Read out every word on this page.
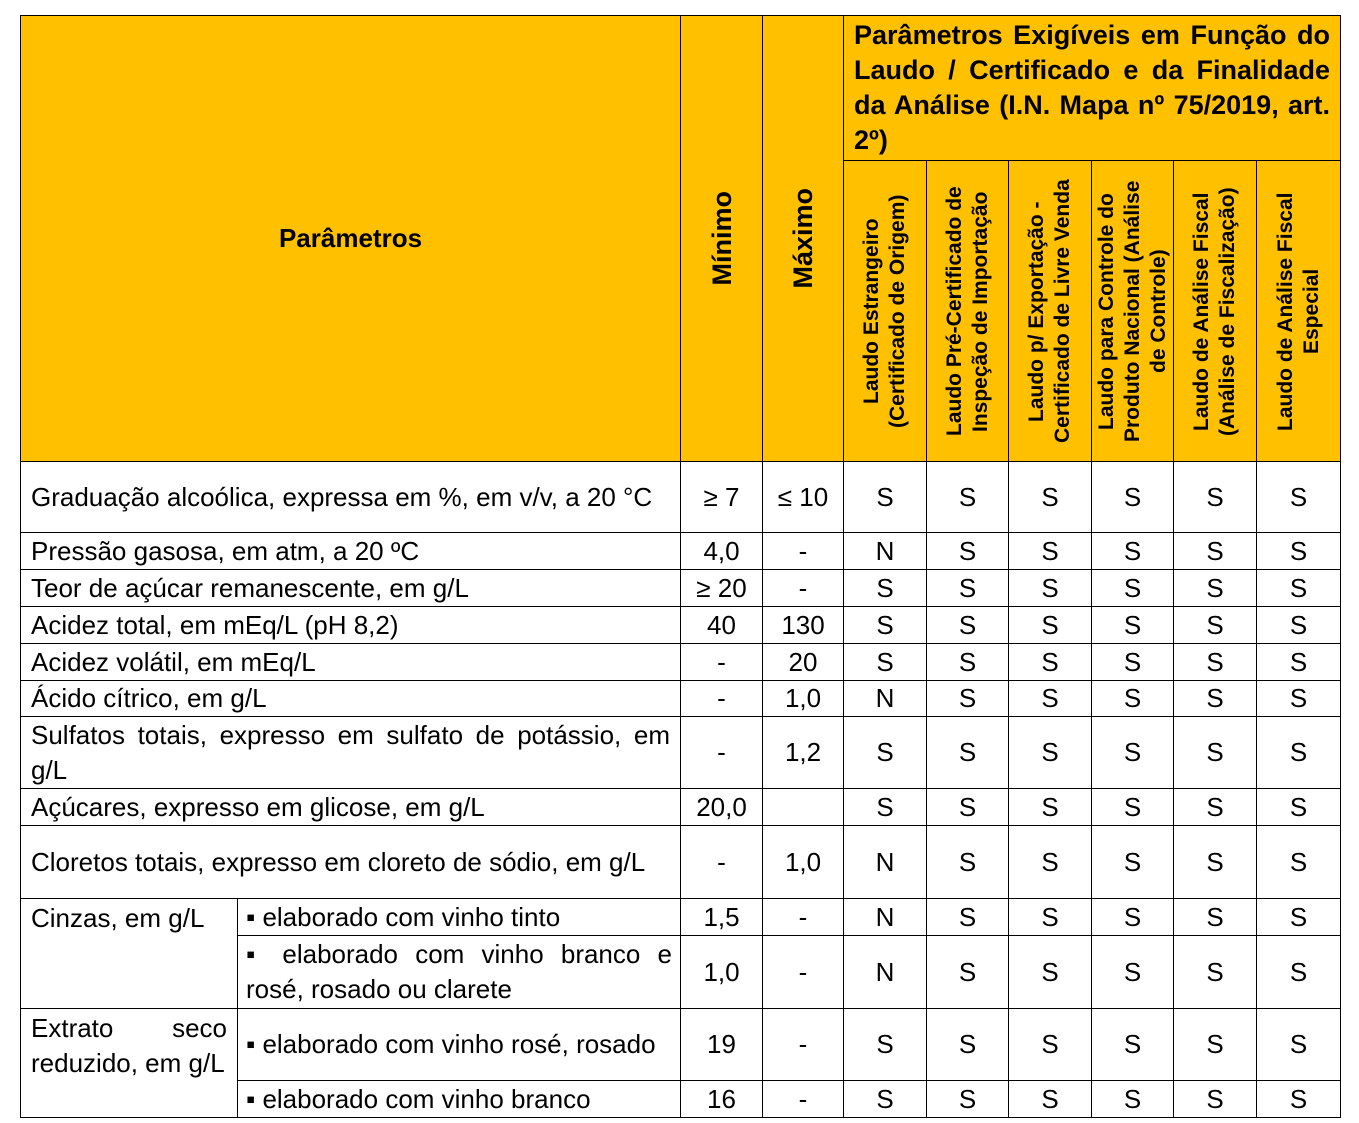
Parâmetros		Mínimo	Máximo	Parâmetros Exigíveis em Função do Laudo / Certificado e da Finalidade da Análise (I.N. Mapa nº 75/2019, art. 2º)					

				Laudo Estrangeiro (Certificado de Origem)	Laudo Pré-Certificado de Inspeção de Importação	Laudo p/ Exportação - Certificado de Livre Venda	Laudo para Controle do Produto Nacional (Análise de Controle)	Laudo de Análise Fiscal (Análise de Fiscalização)	Laudo de Análise Fiscal Especial

Graduação alcoólica, expressa em %, em v/v, a 20 °C		≥ 7	≤ 10	S	S	S	S	S	S
Pressão gasosa, em atm, a 20 ºC		4,0	-	N	S	S	S	S	S
Teor de açúcar remanescente, em g/L		≥ 20	-	S	S	S	S	S	S
Acidez total, em mEq/L (pH 8,2)		40	130	S	S	S	S	S	S
Acidez volátil, em mEq/L		-	20	S	S	S	S	S	S
Ácido cítrico, em g/L		-	1,0	N	S	S	S	S	S
Sulfatos totais, expresso em sulfato de potássio, em g/L		-	1,2	S	S	S	S	S	S
Açúcares, expresso em glicose, em g/L		20,0		S	S	S	S	S	S
Cloretos totais, expresso em cloreto de sódio, em g/L		-	1,0	N	S	S	S	S	S
Cinzas, em g/L	▪ elaborado com vinho tinto	1,5	-	N	S	S	S	S	S
	▪ elaborado com vinho branco e rosé, rosado ou clarete	1,0	-	N	S	S	S	S	S
Extrato seco reduzido, em g/L	▪ elaborado com vinho rosé, rosado	19	-	S	S	S	S	S	S
	▪ elaborado com vinho branco	16	-	S	S	S	S	S	S
